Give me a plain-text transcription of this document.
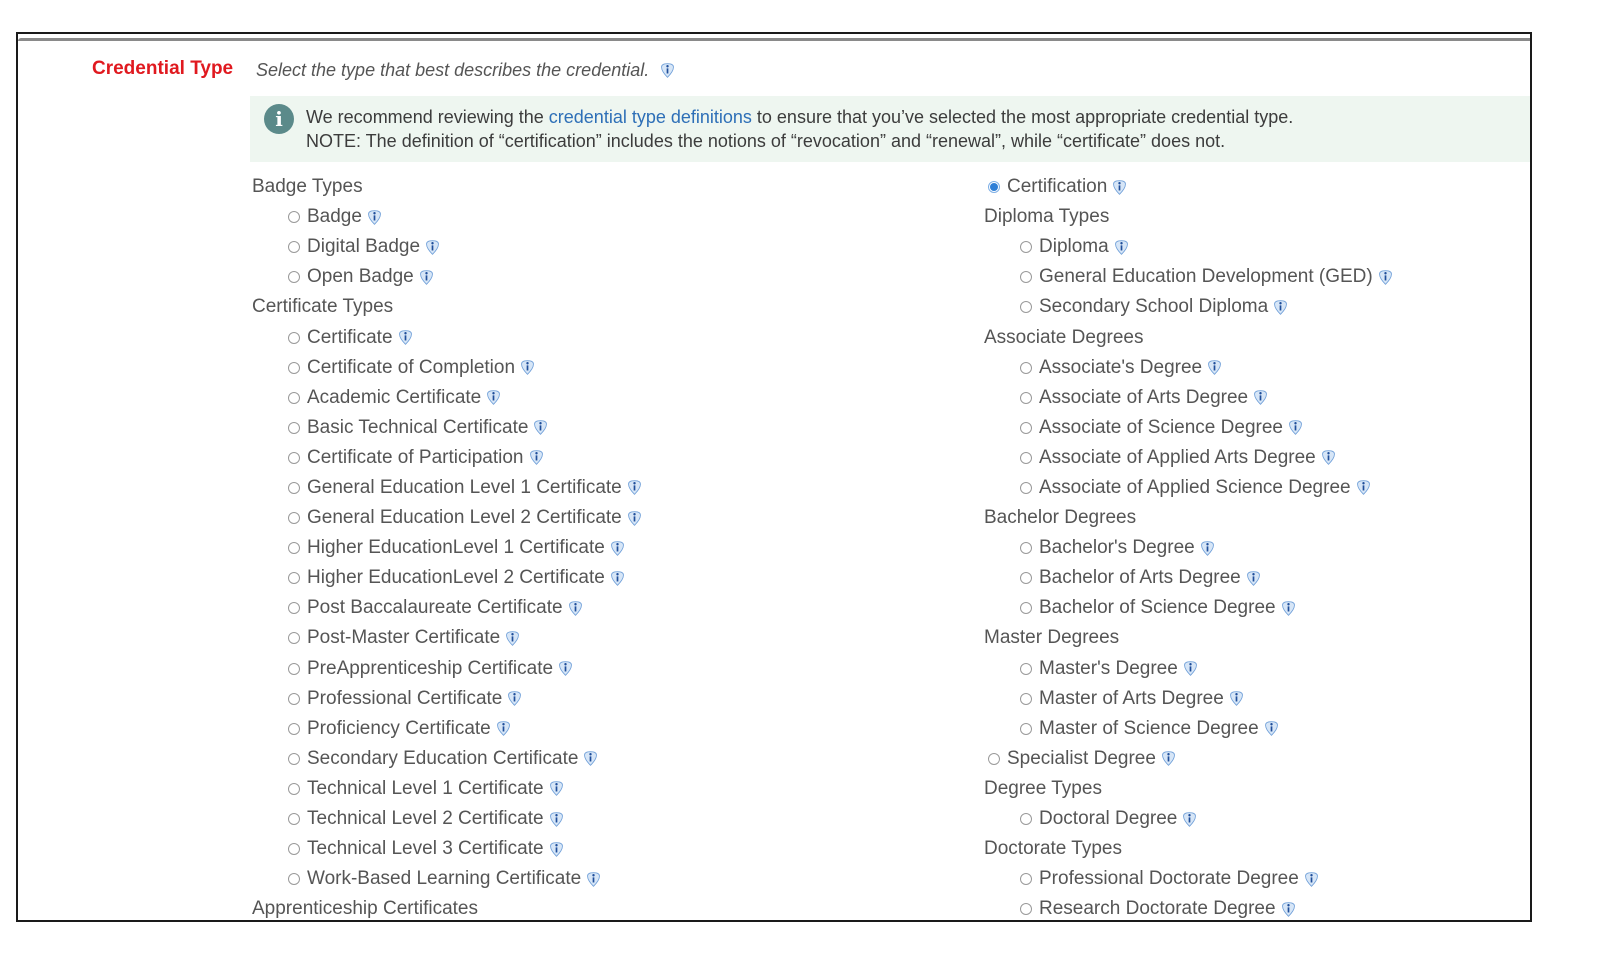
Credential Type Select the type that best describes the credential.
i	We recommend reviewing the credential type definitions to ensure that you’ve selected the most appropriate credential type.
NOTE: The definition of “certification” includes the notions of “revocation” and “renewal”, while “certificate” does not.
Badge Types
Badge
Digital Badge
Open Badge
Certificate Types
Certificate
Certificate of Completion
Academic Certificate
Basic Technical Certificate
Certificate of Participation
General Education Level 1 Certificate
General Education Level 2 Certificate
Higher EducationLevel 1 Certificate
Higher EducationLevel 2 Certificate
Post Baccalaureate Certificate
Post-Master Certificate
PreApprenticeship Certificate
Professional Certificate
Proficiency Certificate
Secondary Education Certificate
Technical Level 1 Certificate
Technical Level 2 Certificate
Technical Level 3 Certificate
Work-Based Learning Certificate
Apprenticeship Certificates
Certification
Diploma Types
Diploma
General Education Development (GED)
Secondary School Diploma
Associate Degrees
Associate's Degree
Associate of Arts Degree
Associate of Science Degree
Associate of Applied Arts Degree
Associate of Applied Science Degree
Bachelor Degrees
Bachelor's Degree
Bachelor of Arts Degree
Bachelor of Science Degree
Master Degrees
Master's Degree
Master of Arts Degree
Master of Science Degree
Specialist Degree
Degree Types
Doctoral Degree
Doctorate Types
Professional Doctorate Degree
Research Doctorate Degree
